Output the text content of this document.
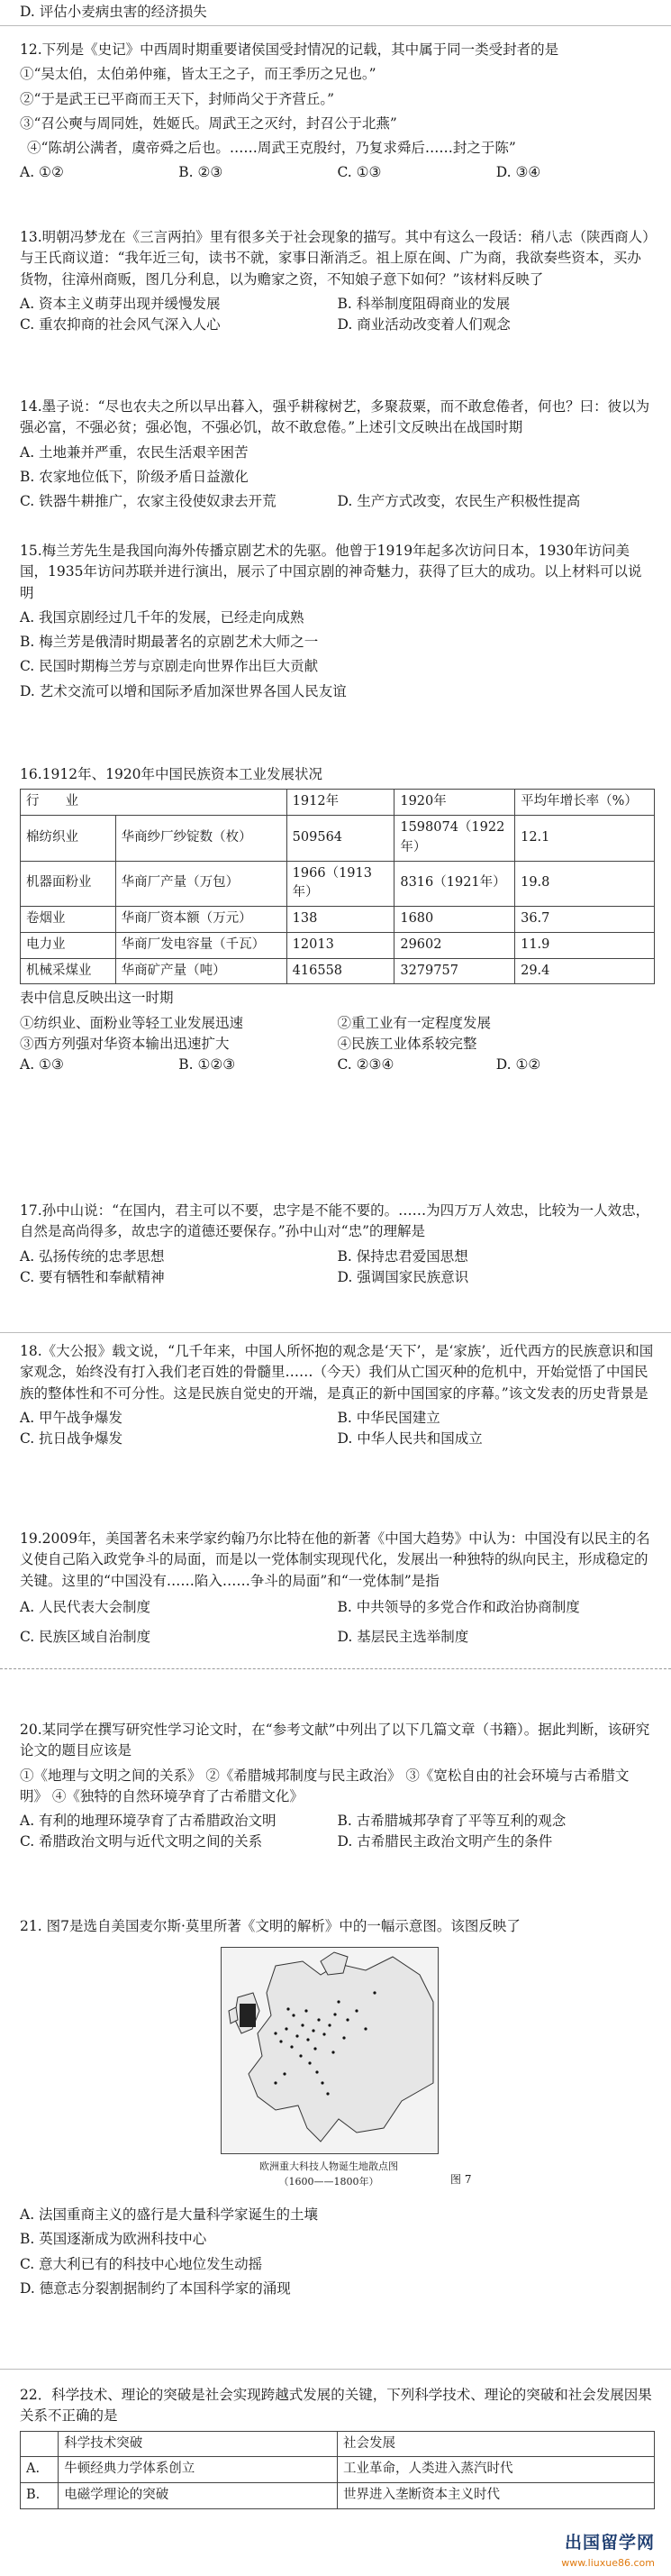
D. 评估小麦病虫害的经济损失

12.下列是《史记》中西周时期重要诸侯国受封情况的记载，其中属于同一类受封者的是

①“吴太伯，太伯弟仲雍，皆太王之子，而王季历之兄也。”

②“于是武王已平商而王天下，封师尚父于齐营丘。”

③“召公奭与周同姓，姓姬氏。周武王之灭纣，封召公于北燕”

④“陈胡公满者，虞帝舜之后也。……周武王克殷纣，乃复求舜后……封之于陈”

A. ①②	B. ②③	C. ①③	D. ③④

13.明朝冯梦龙在《三言两拍》里有很多关于社会现象的描写。其中有这么一段话：稍八志（陕西商人）与王氏商议道：“我年近三旬，读书不就，家事日渐消乏。祖上原在闽、广为商，我欲奏些资本，买办货物，往漳州商贩，图几分利息，以为赡家之资，不知娘子意下如何？”该材料反映了

A. 资本主义萌芽出现并缓慢发展	B. 科举制度阻碍商业的发展
C. 重农抑商的社会风气深入人心	D. 商业活动改变着人们观念

14.墨子说：“尽也农夫之所以早出暮入，强乎耕稼树艺，多聚菽粟，而不敢怠倦者，何也？曰：彼以为强必富，不强必贫；强必饱，不强必饥，故不敢怠倦。”上述引文反映出在战国时期

A. 土地兼并严重，农民生活艰辛困苦

B. 农家地位低下，阶级矛盾日益激化

C. 铁器牛耕推广，农家主役使奴隶去开荒	D. 生产方式改变，农民生产积极性提高

15.梅兰芳先生是我国向海外传播京剧艺术的先驱。他曾于1919年起多次访问日本，1930年访问美国，1935年访问苏联并进行演出，展示了中国京剧的神奇魅力，获得了巨大的成功。以上材料可以说明

A. 我国京剧经过几千年的发展，已经走向成熟

B. 梅兰芳是俄清时期最著名的京剧艺术大师之一

C. 民国时期梅兰芳与京剧走向世界作出巨大贡献

D. 艺术交流可以增和国际矛盾加深世界各国人民友谊

16.1912年、1920年中国民族资本工业发展状况

行　　业		1912年	1920年	平均年增长率（%）
棉纺织业	华商纱厂纱锭数（枚）	509564	1598074（1922年）	12.1
机器面粉业	华商厂产量（万包）	1966（1913年）	8316（1921年）	19.8
卷烟业	华商厂资本额（万元）	138	1680	36.7
电力业	华商厂发电容量（千瓦）	12013	29602	11.9
机械采煤业	华商矿产量（吨）	416558	3279757	29.4

表中信息反映出这一时期

①纺织业、面粉业等轻工业发展迅速	②重工业有一定程度发展
③西方列强对华资本输出迅速扩大	④民族工业体系较完整
A. ①③	B. ①②③	C. ②③④	D. ①②

17.孙中山说：“在国内，君主可以不要，忠字是不能不要的。……为四万万人效忠，比较为一人效忠，自然是高尚得多，故忠字的道德还要保存。”孙中山对“忠”的理解是

A. 弘扬传统的忠孝思想	B. 保持忠君爱国思想
C. 要有牺牲和奉献精神	D. 强调国家民族意识

18.《大公报》载文说，“几千年来，中国人所怀抱的观念是‘天下’，是‘家族’，近代西方的民族意识和国家观念，始终没有打入我们老百姓的骨髓里……（今天）我们从亡国灭种的危机中，开始觉悟了中国民族的整体性和不可分性。这是民族自觉史的开端，是真正的新中国国家的序幕。”该文发表的历史背景是

A. 甲午战争爆发	B. 中华民国建立
C. 抗日战争爆发	D. 中华人民共和国成立

19.2009年，美国著名未来学家约翰乃尔比特在他的新著《中国大趋势》中认为：中国没有以民主的名义使自己陷入政党争斗的局面，而是以一党体制实现现代化，发展出一种独特的纵向民主，形成稳定的关键。这里的“中国没有……陷入……争斗的局面”和“一党体制”是指

A. 人民代表大会制度	B. 中共领导的多党合作和政治协商制度
C. 民族区域自治制度	D. 基层民主选举制度

20.某同学在撰写研究性学习论文时，在“参考文献”中列出了以下几篇文章（书籍）。据此判断，该研究论文的题目应该是

①《地理与文明之间的关系》 ②《希腊城邦制度与民主政治》 ③《宽松自由的社会环境与古希腊文明》 ④《独特的自然环境孕育了古希腊文化》

A. 有利的地理环境孕育了古希腊政治文明	B. 古希腊城邦孕育了平等互利的观念
C. 希腊政治文明与近代文明之间的关系	D. 古希腊民主政治文明产生的条件

21. 图7是选自美国麦尔斯·莫里所著《文明的解析》中的一幅示意图。该图反映了

欧洲重大科技人物诞生地散点图
（1600——1800年）	图 7

A. 法国重商主义的盛行是大量科学家诞生的土壤

B. 英国逐渐成为欧洲科技中心

C. 意大利已有的科技中心地位发生动摇

D. 德意志分裂割据制约了本国科学家的涌现

22．科学技术、理论的突破是社会实现跨越式发展的关键，下列科学技术、理论的突破和社会发展因果关系不正确的是

	科学技术突破	社会发展
A.	牛顿经典力学体系创立	工业革命，人类进入蒸汽时代
B.	电磁学理论的突破	世界进入垄断资本主义时代
出国留学网
www.liuxue86.com
